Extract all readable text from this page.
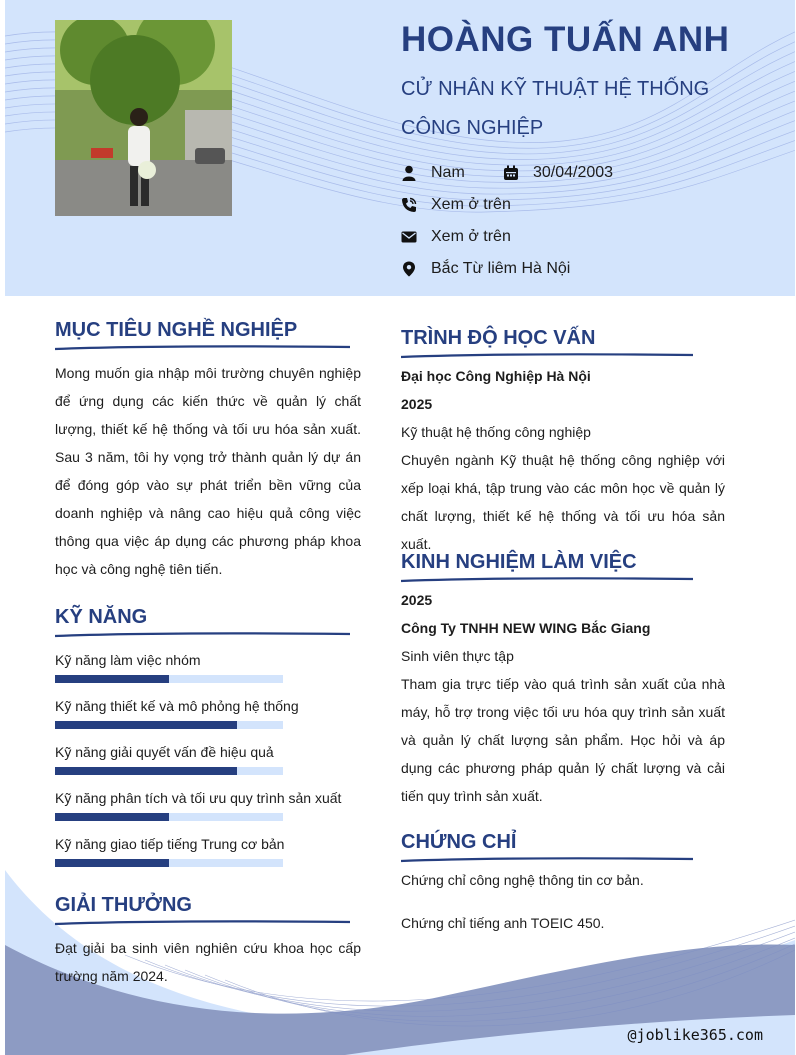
HOÀNG TUẤN ANH
CỬ NHÂN KỸ THUẬT HỆ THỐNG CÔNG NGHIỆP
Nam	30/04/2003
Xem ở trên
Xem ở trên
Bắc Từ liêm Hà Nội
@joblike365.com
MỤC TIÊU NGHỀ NGHIỆP
Mong muốn gia nhập môi trường chuyên nghiệp để ứng dụng các kiến thức về quản lý chất lượng, thiết kế hệ thống và tối ưu hóa sản xuất. Sau 3 năm, tôi hy vọng trở thành quản lý dự án để đóng góp vào sự phát triển bền vững của doanh nghiệp và nâng cao hiệu quả công việc thông qua việc áp dụng các phương pháp khoa học và công nghệ tiên tiến.
KỸ NĂNG
Kỹ năng làm việc nhóm
Kỹ năng thiết kế và mô phỏng hệ thống
Kỹ năng giải quyết vấn đề hiệu quả
Kỹ năng phân tích và tối ưu quy trình sản xuất
Kỹ năng giao tiếp tiếng Trung cơ bản
GIẢI THƯỞNG
Đạt giải ba sinh viên nghiên cứu khoa học cấp trường năm 2024.
TRÌNH ĐỘ HỌC VẤN
Đại học Công Nghiệp Hà Nội
2025
Kỹ thuật hệ thống công nghiệp
Chuyên ngành Kỹ thuật hệ thống công nghiệp với xếp loại khá, tập trung vào các môn học về quản lý chất lượng, thiết kế hệ thống và tối ưu hóa sản xuất.
KINH NGHIỆM LÀM VIỆC
2025
Công Ty TNHH NEW WING Bắc Giang
Sinh viên thực tập
Tham gia trực tiếp vào quá trình sản xuất của nhà máy, hỗ trợ trong việc tối ưu hóa quy trình sản xuất và quản lý chất lượng sản phẩm. Học hỏi và áp dụng các phương pháp quản lý chất lượng và cải tiến quy trình sản xuất.
CHỨNG CHỈ
Chứng chỉ công nghệ thông tin cơ bản.
Chứng chỉ tiếng anh TOEIC 450.
